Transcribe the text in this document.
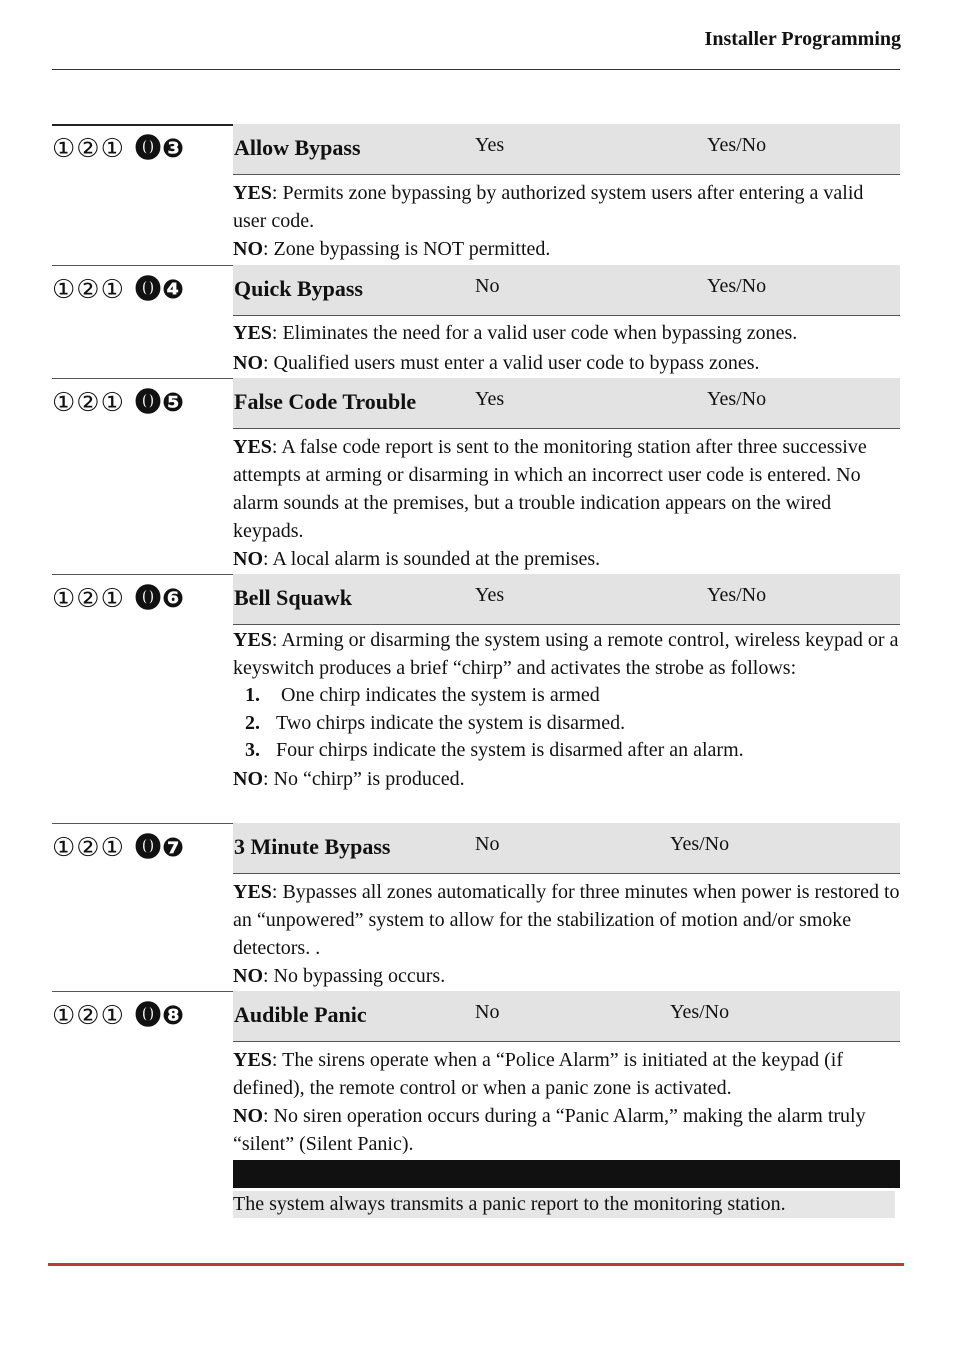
Installer Programming
①②① ⓿❸ Allow Bypass	Yes	Yes/No

YES: Permits zone bypassing by authorized system users after entering a valid user code.

NO: Zone bypassing is NOT permitted.

①②① ⓿❹ Quick Bypass	No	Yes/No

YES: Eliminates the need for a valid user code when bypassing zones.

NO: Qualified users must enter a valid user code to bypass zones.

①②① ⓿❺ False Code Trouble	Yes	Yes/No

YES: A false code report is sent to the monitoring station after three successive attempts at arming or disarming in which an incorrect user code is entered. No alarm sounds at the premises, but a trouble indication appears on the wired keypads.

NO: A local alarm is sounded at the premises.

①②① ⓿❻ Bell Squawk	Yes	Yes/No

YES: Arming or disarming the system using a remote control, wireless keypad or a keyswitch produces a brief “chirp” and activates the strobe as follows:

1. One chirp indicates the system is armed
2. Two chirps indicate the system is disarmed.
3. Four chirps indicate the system is disarmed after an alarm.

NO: No “chirp” is produced.

①②① ⓿❼ 3 Minute Bypass	No	Yes/No

YES: Bypasses all zones automatically for three minutes when power is restored to an “unpowered” system to allow for the stabilization of motion and/or smoke detectors. .

NO: No bypassing occurs.

①②① ⓿❽ Audible Panic	No	Yes/No

YES: The sirens operate when a “Police Alarm” is initiated at the keypad (if defined), the remote control or when a panic zone is activated.

NO: No siren operation occurs during a “Panic Alarm,” making the alarm truly “silent” (Silent Panic).

The system always transmits a panic report to the monitoring station.
